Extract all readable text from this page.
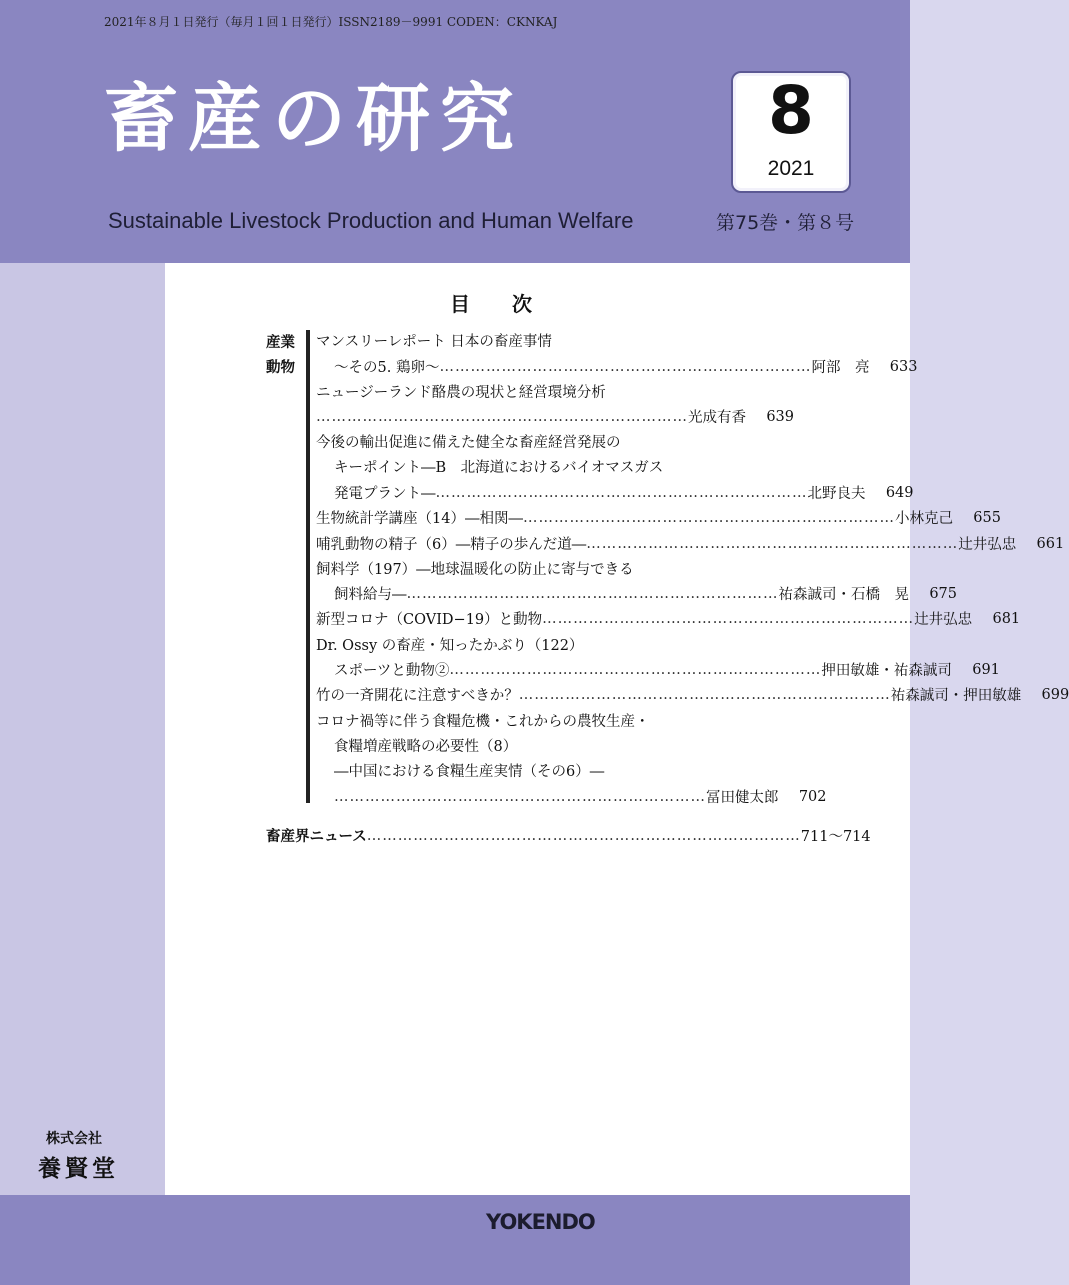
2021年８月１日発行（毎月１回１日発行）ISSN2189－9991 CODEN：CKNKAJ
畜産の研究
Sustainable Livestock Production and Human Welfare
8
2021
第75巻・第８号
目 次
産業
動物
マンスリーレポート 日本の畜産事情
～その5. 鶏卵～ ……………………………………………………………… 阿部　亮	633
ニュージーランド酪農の現状と経営環境分析
……………………………………………………………… 光成有香	639
今後の輸出促進に備えた健全な畜産経営発展の
キーポイント―B　北海道におけるバイオマスガス
発電プラント― ……………………………………………………………… 北野良夫	649
生物統計学講座（14）―相関― ……………………………………………………………… 小林克己	655
哺乳動物の精子（6）―精子の歩んだ道― ……………………………………………………………… 辻井弘忠	661
飼料学（197）―地球温暖化の防止に寄与できる
飼料給与― ……………………………………………………………… 祐森誠司・石橋　晃	675
新型コロナ（COVID−19）と動物 ……………………………………………………………… 辻井弘忠	681
Dr. Ossy の畜産・知ったかぶり（122）
スポーツと動物② ……………………………………………………………… 押田敏雄・祐森誠司	691
竹の一斉開花に注意すべきか？ ……………………………………………………………… 祐森誠司・押田敏雄	699
コロナ禍等に伴う食糧危機・これからの農牧生産・
食糧増産戦略の必要性（8）
―中国における食糧生産実情（その6）―
……………………………………………………………… 冨田健太郎	702
畜産界ニュース ………………………………………………………………………… 711～714
株式会社
養賢堂
YOKENDO
